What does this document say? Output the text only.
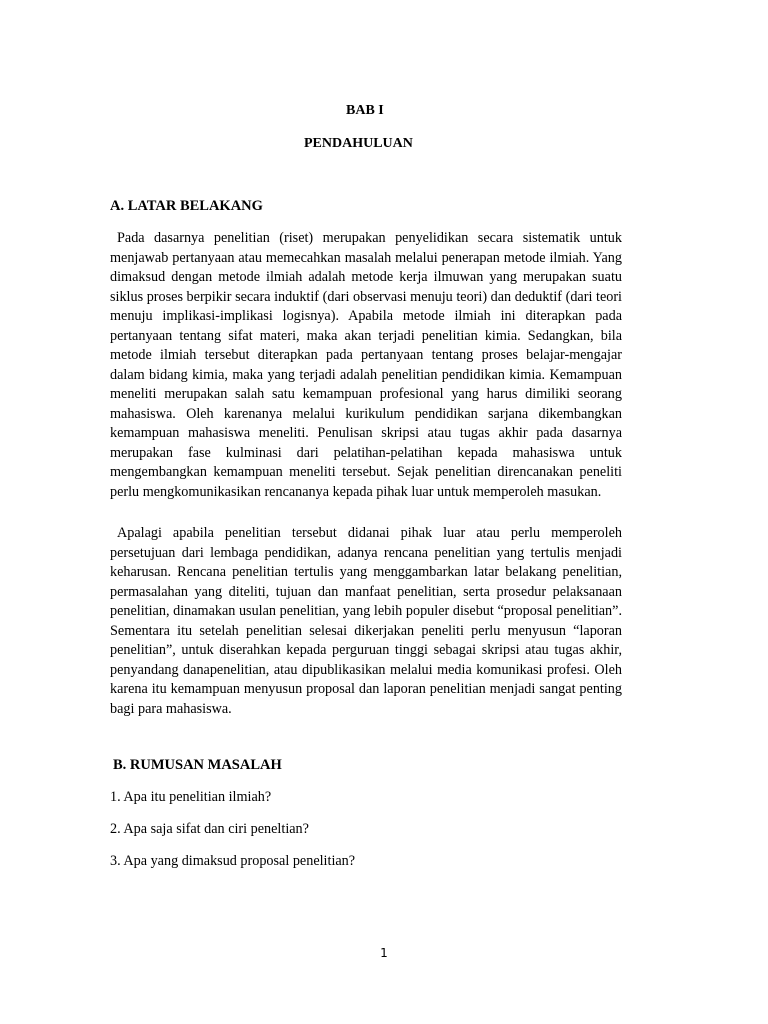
BAB I
PENDAHULUAN
A. LATAR BELAKANG

Pada dasarnya penelitian (riset) merupakan penyelidikan secara sistematik untuk menjawab pertanyaan atau memecahkan masalah melalui penerapan metode ilmiah. Yang dimaksud dengan metode ilmiah adalah metode kerja ilmuwan yang merupakan suatu siklus proses berpikir secara induktif (dari observasi menuju teori) dan deduktif (dari teori menuju implikasi-implikasi logisnya). Apabila metode ilmiah ini diterapkan pada pertanyaan tentang sifat materi, maka akan terjadi penelitian kimia. Sedangkan, bila metode ilmiah tersebut diterapkan pada pertanyaan tentang proses belajar-mengajar dalam bidang kimia, maka yang terjadi adalah penelitian pendidikan kimia. Kemampuan meneliti merupakan salah satu kemampuan profesional yang harus dimiliki seorang mahasiswa. Oleh karenanya melalui kurikulum pendidikan sarjana dikembangkan kemampuan mahasiswa meneliti. Penulisan skripsi atau tugas akhir pada dasarnya merupakan fase kulminasi dari pelatihan-pelatihan kepada mahasiswa untuk mengembangkan kemampuan meneliti tersebut. Sejak penelitian direncanakan peneliti perlu mengkomunikasikan rencananya kepada pihak luar untuk memperoleh masukan.

Apalagi apabila penelitian tersebut didanai pihak luar atau perlu memperoleh persetujuan dari lembaga pendidikan, adanya rencana penelitian yang tertulis menjadi keharusan. Rencana penelitian tertulis yang menggambarkan latar belakang penelitian, permasalahan yang diteliti, tujuan dan manfaat penelitian, serta prosedur pelaksanaan penelitian, dinamakan usulan penelitian, yang lebih populer disebut “proposal penelitian”. Sementara itu setelah penelitian selesai dikerjakan peneliti perlu menyusun “laporan penelitian”, untuk diserahkan kepada perguruan tinggi sebagai skripsi atau tugas akhir, penyandang danapenelitian, atau dipublikasikan melalui media komunikasi profesi. Oleh karena itu kemampuan menyusun proposal dan laporan penelitian menjadi sangat penting bagi para mahasiswa.

B. RUMUSAN MASALAH
1. Apa itu penelitian ilmiah?
2. Apa saja sifat dan ciri peneltian?
3. Apa yang dimaksud proposal penelitian?

1
